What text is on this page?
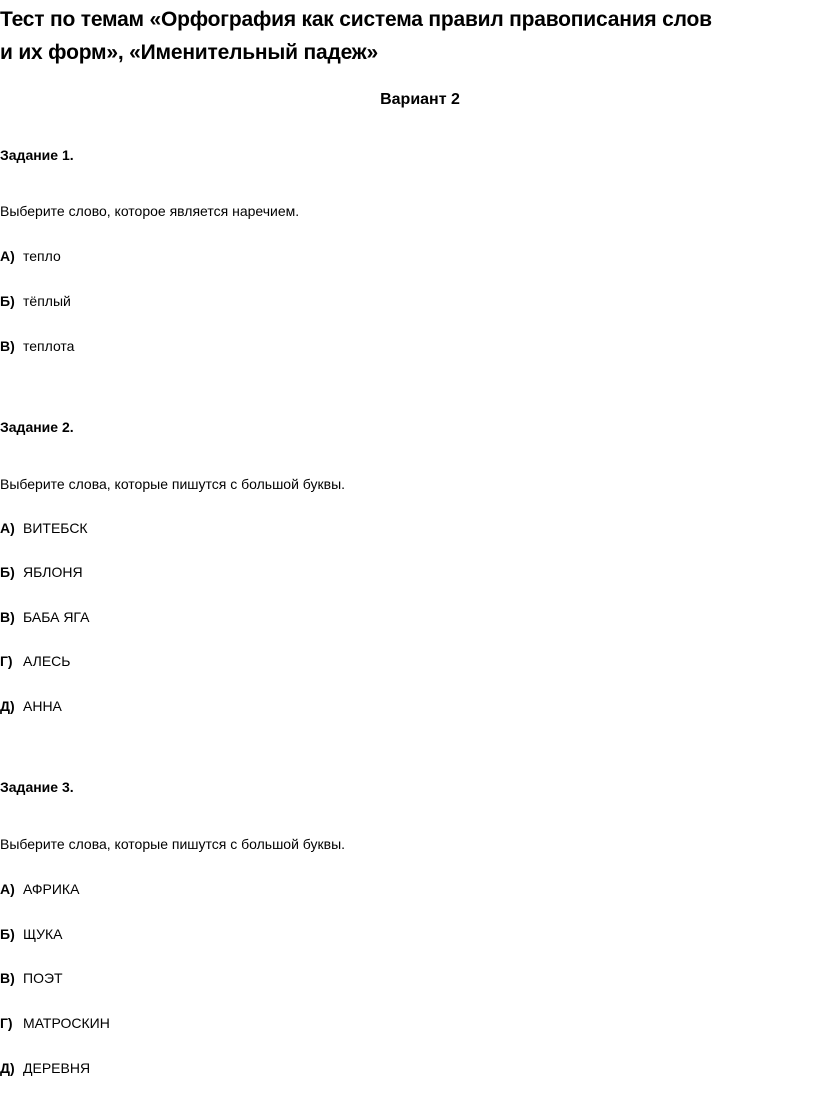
Тест по темам «Орфография как система правил правописания слов
и их форм», «Именительный падеж»
Вариант 2
Задание 1.
Выберите слово, которое является наречием.
А) тепло
Б) тёплый
В) теплота
Задание 2.
Выберите слова, которые пишутся с большой буквы.
А) ВИТЕБСК
Б) ЯБЛОНЯ
В) БАБА ЯГА
Г) АЛЕСЬ
Д) АННА
Задание 3.
Выберите слова, которые пишутся с большой буквы.
А) АФРИКА
Б) ЩУКА
В) ПОЭТ
Г) МАТРОСКИН
Д) ДЕРЕВНЯ
